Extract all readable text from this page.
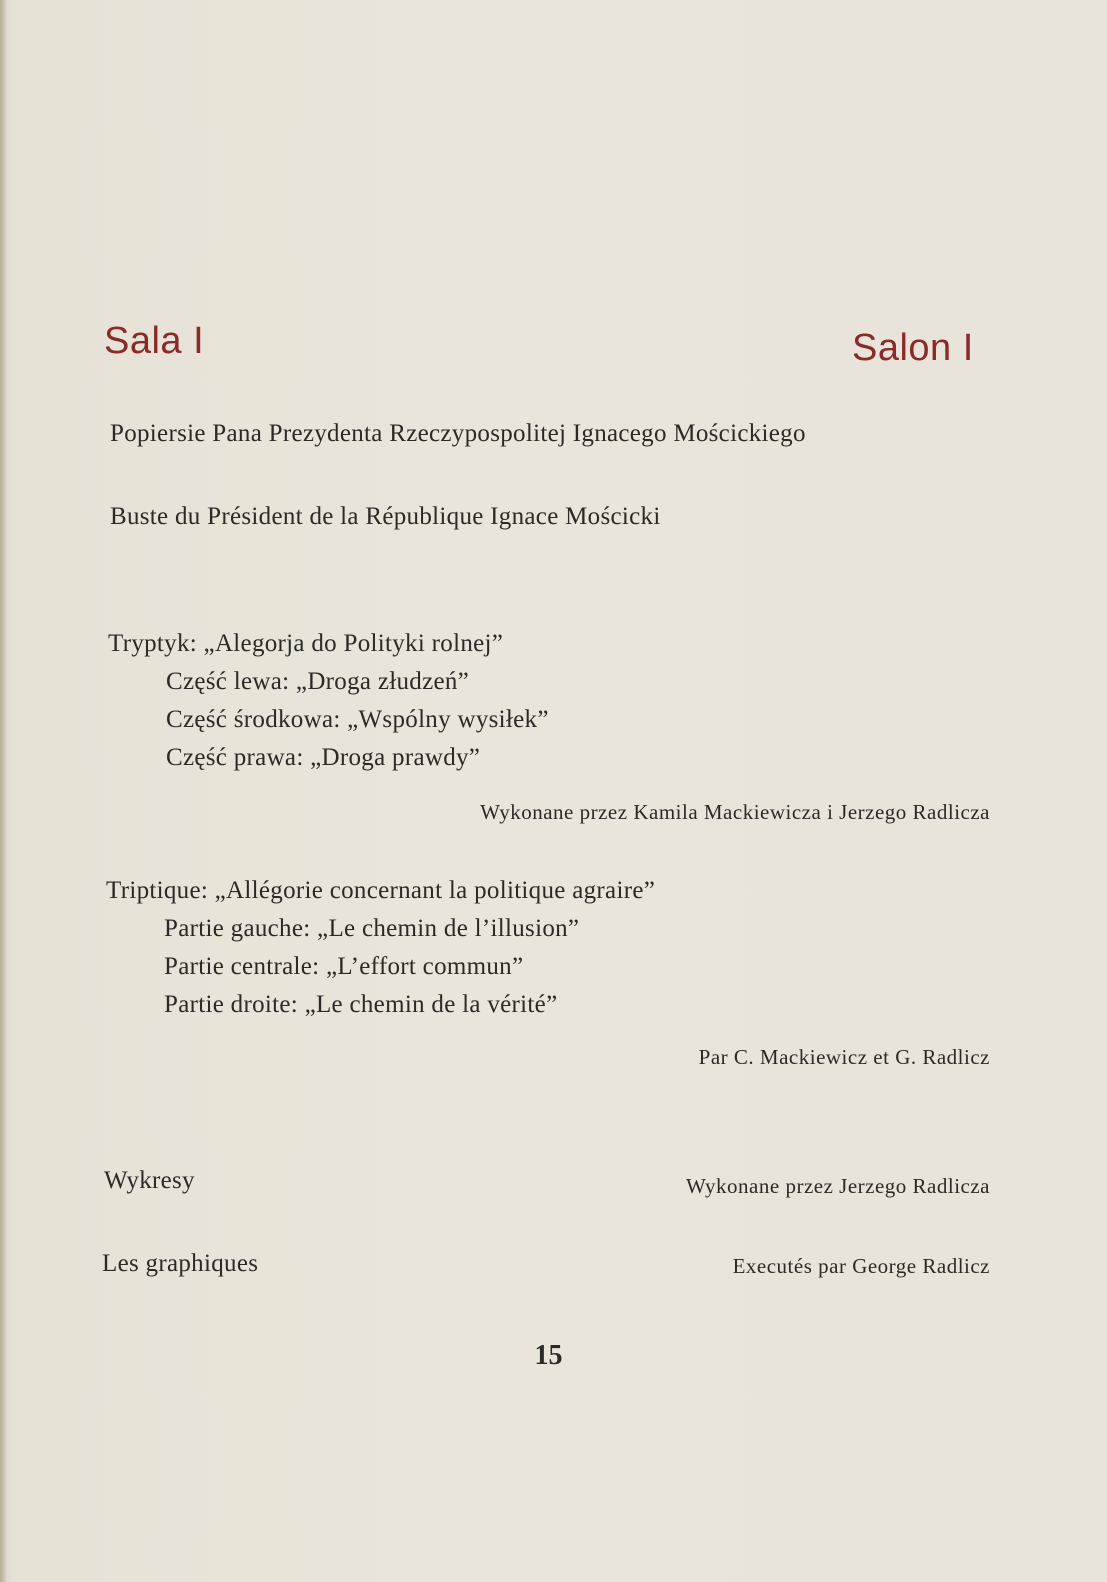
Sala I	Salon I
Popiersie Pana Prezydenta Rzeczypospolitej Ignacego Mościckiego
Buste du Président de la République Ignace Mościcki
Tryptyk: „Alegorja do Polityki rolnej”
Część lewa: „Droga złudzeń”
Część środkowa: „Wspólny wysiłek”
Część prawa: „Droga prawdy”
Wykonane przez Kamila Mackiewicza i Jerzego Radlicza
Triptique: „Allégorie concernant la politique agraire”
Partie gauche: „Le chemin de l’illusion”
Partie centrale: „L’effort commun”
Partie droite: „Le chemin de la vérité”
Par C. Mackiewicz et G. Radlicz
Wykresy	Wykonane przez Jerzego Radlicza
Les graphiques	Executés par George Radlicz
15
